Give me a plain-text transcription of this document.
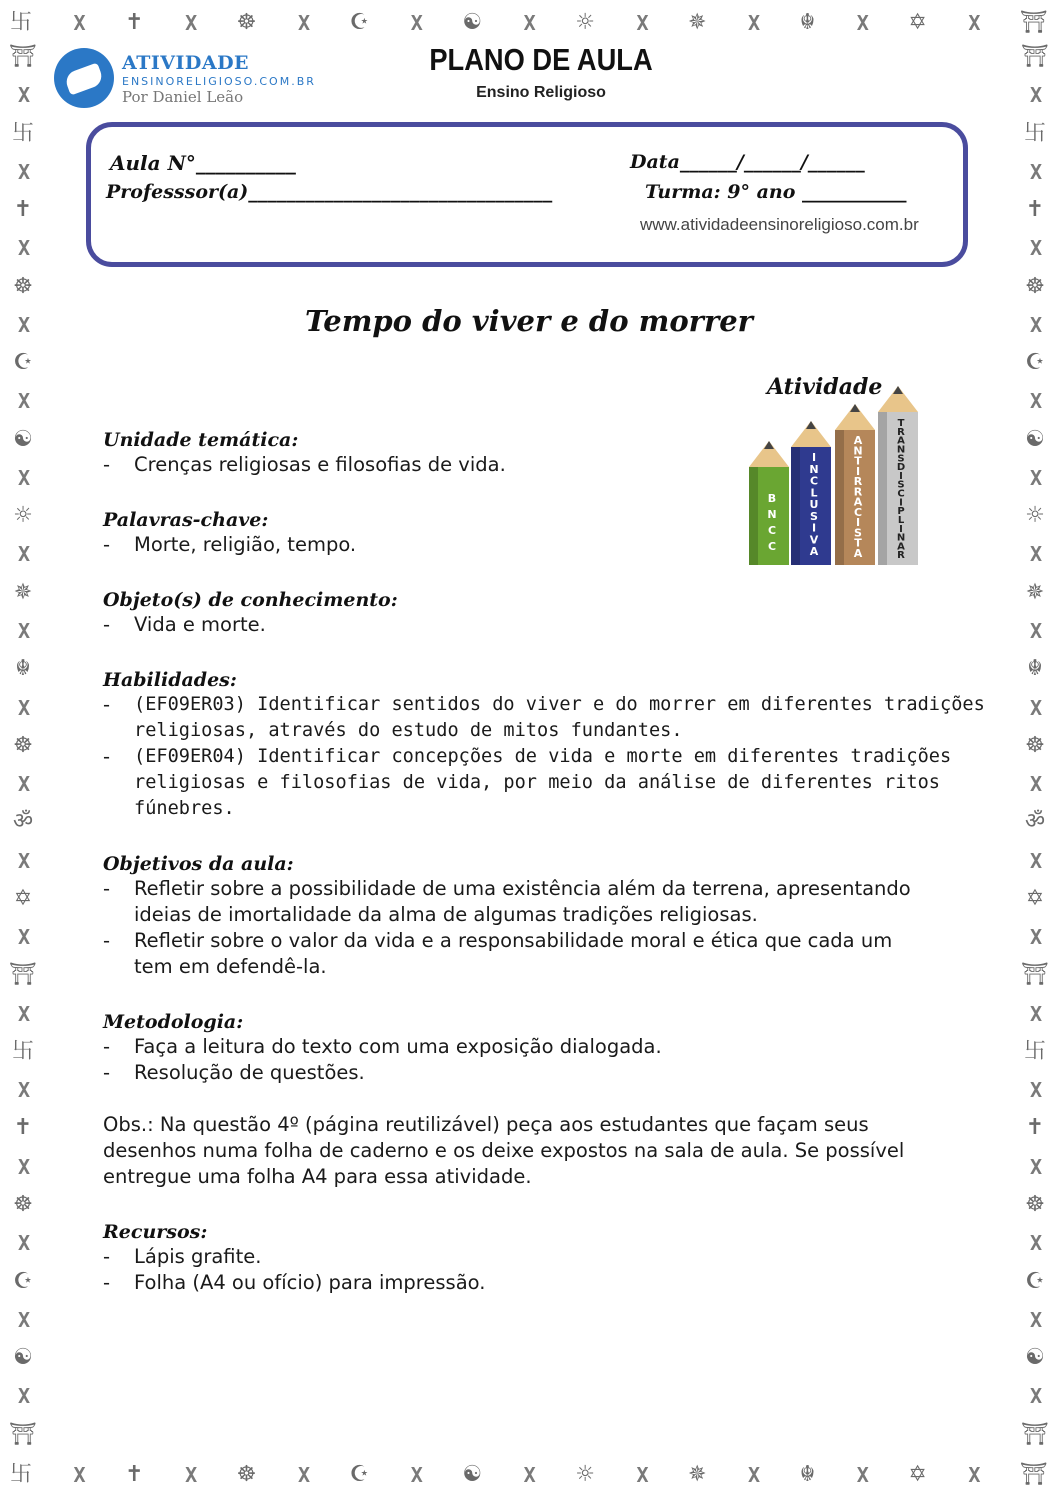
卐 X ✝ X ☸ X ☪ X ☯ X ☼ X ✵ X ☬ X ✡ X ⛩
卐 X ✝ X ☸ X ☪ X ☯ X ☼ X ✵ X ☬ X ✡ X ⛩
⛩
X
卐
X
✝
X
☸
X
☪
X
☯
X
☼
X
✵
X
☬
X
☸
X
ॐ
X
✡
X
⛩
X
卐
X
✝
X
☸
X
☪
X
☯
X
⛩
⛩
X
卐
X
✝
X
☸
X
☪
X
☯
X
☼
X
✵
X
☬
X
☸
X
ॐ
X
✡
X
⛩
X
卐
X
✝
X
☸
X
☪
X
☯
X
⛩
ATIVIDADE
ENSINORELIGIOSO.COM.BR
Por Daniel Leão
PLANO DE AULA
Ensino Religioso
Aula N°__________	Data______/______/______
Professsor(a)________________________________	Turma: 9° ano ___________
www.atividadeensinoreligioso.com.br
Tempo do viver e do morrer
Atividade
B N C C
I N C L U S I V A
A N T I R R A C I S T A
T R A N S D I S C I P L I N A R
Unidade temática:
-	Crenças religiosas e filosofias de vida.
Palavras-chave:
-	Morte, religião, tempo.
Objeto(s) de conhecimento:
-	Vida e morte.
Habilidades:
-	(EF09ER03) Identificar sentidos do viver e do morrer em diferentes tradições
religiosas, através do estudo de mitos fundantes.
-	(EF09ER04) Identificar concepções de vida e morte em diferentes tradições
religiosas e filosofias de vida, por meio da análise de diferentes ritos fúnebres.
Objetivos da aula:
-	Refletir sobre a possibilidade de uma existência além da terrena, apresentando
ideias de imortalidade da alma de algumas tradições religiosas.
-	Refletir sobre o valor da vida e a responsabilidade moral e ética que cada um
tem em defendê-la.
Metodologia:
-	Faça a leitura do texto com uma exposição dialogada.
-	Resolução de questões.
Obs.: Na questão 4º (página reutilizável) peça aos estudantes que façam seus
desenhos numa folha de caderno e os deixe expostos na sala de aula. Se possível
entregue uma folha A4 para essa atividade.
Recursos:
-	Lápis grafite.
-	Folha (A4 ou ofício) para impressão.
